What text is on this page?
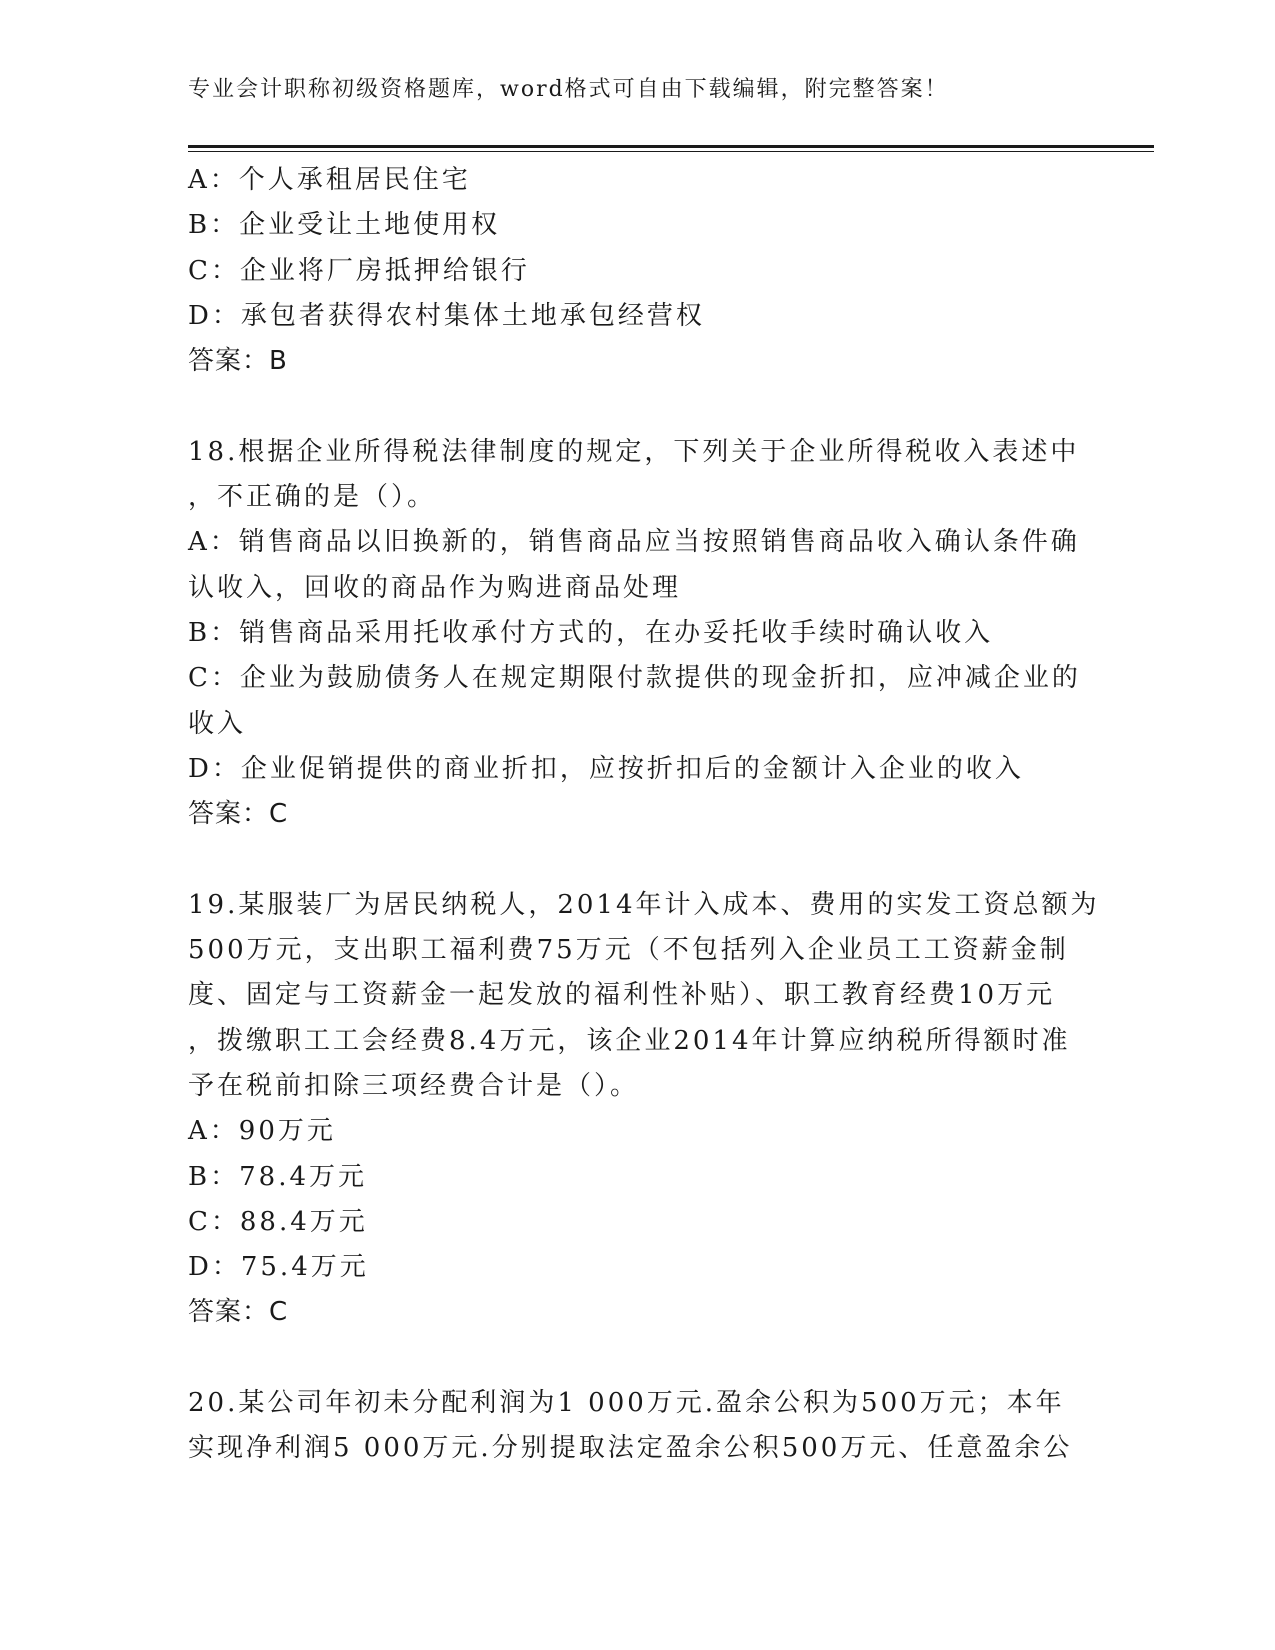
专业会计职称初级资格题库，word格式可自由下载编辑，附完整答案！
A：个人承租居民住宅
B：企业受让土地使用权
C：企业将厂房抵押给银行
D：承包者获得农村集体土地承包经营权
答案：B
18.根据企业所得税法律制度的规定，下列关于企业所得税收入表述中
，不正确的是（）。
A：销售商品以旧换新的，销售商品应当按照销售商品收入确认条件确
认收入，回收的商品作为购进商品处理
B：销售商品采用托收承付方式的，在办妥托收手续时确认收入
C：企业为鼓励债务人在规定期限付款提供的现金折扣，应冲减企业的
收入
D：企业促销提供的商业折扣，应按折扣后的金额计入企业的收入
答案：C
19.某服装厂为居民纳税人，2014年计入成本、费用的实发工资总额为
500万元，支出职工福利费75万元（不包括列入企业员工工资薪金制
度、固定与工资薪金一起发放的福利性补贴）、职工教育经费10万元
，拨缴职工工会经费8.4万元，该企业2014年计算应纳税所得额时准
予在税前扣除三项经费合计是（）。
A：90万元
B：78.4万元
C：88.4万元
D：75.4万元
答案：C
20.某公司年初未分配利润为1 000万元.盈余公积为500万元；本年
实现净利润5 000万元.分别提取法定盈余公积500万元、任意盈余公
